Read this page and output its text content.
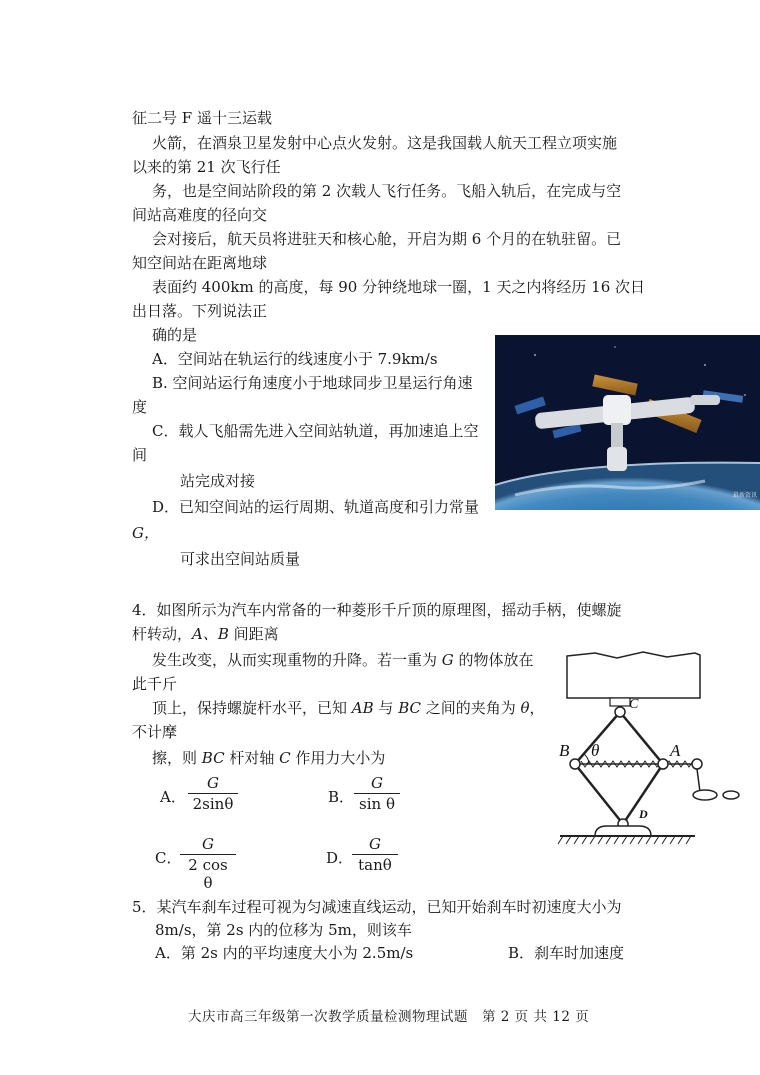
征二号 F 遥十三运载
火箭，在酒泉卫星发射中心点火发射。这是我国载人航天工程立项实施
以来的第 21 次飞行任
务，也是空间站阶段的第 2 次载人飞行任务。飞船入轨后，在完成与空
间站高难度的径向交
会对接后，航天员将进驻天和核心舱，开启为期 6 个月的在轨驻留。已
知空间站在距离地球
表面约 400km 的高度，每 90 分钟绕地球一圈，1 天之内将经历 16 次日
出日落。下列说法正
确的是
A．空间站在轨运行的线速度小于 7.9km/s
B. 空间站运行角速度小于地球同步卫星运行角速
度
C．载人飞船需先进入空间站轨道，再加速追上空
间
站完成对接
D．已知空间站的运行周期、轨道高度和引力常量
G，
可求出空间站质量
最新资讯
4．如图所示为汽车内常备的一种菱形千斤顶的原理图，摇动手柄，使螺旋
杆转动，A、B 间距离
发生改变，从而实现重物的升降。若一重为 G 的物体放在
此千斤
顶上，保持螺旋杆水平，已知 AB 与 BC 之间的夹角为 θ，
不计摩
擦，则 BC 杆对轴 C 作用力大小为
A．
G
2sinθ	B．
G
sin θ
C．
G
2 cos θ
D．
G
tanθ
C
B θ	A
D
5．某汽车刹车过程可视为匀减速直线运动，已知开始刹车时初速度大小为
8m/s，第 2s 内的位移为 5m，则该车
A．第 2s 内的平均速度大小为 2.5m/s	B．刹车时加速度
大庆市高三年级第一次教学质量检测物理试题　第 2 页 共 12 页
